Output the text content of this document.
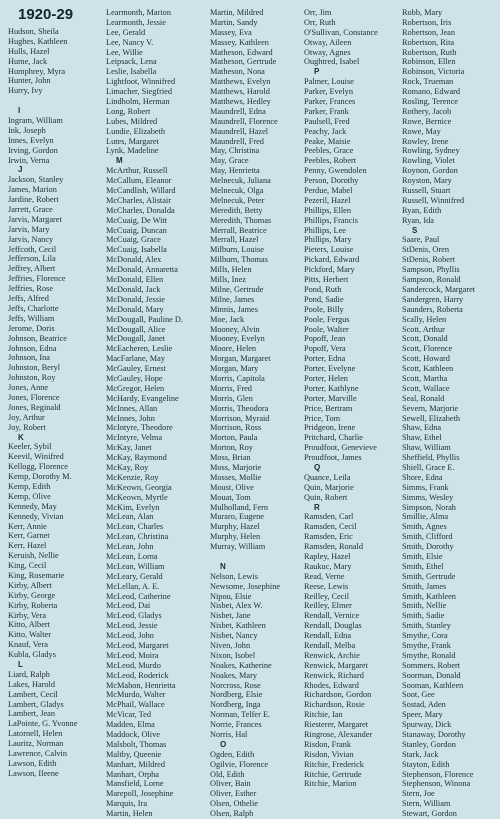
1920-29
Hudson, Sheila
Hughes, Kathleen
Hulls, Hazel
Hume, Jack
Humphrey, Myra
Hunter, John
Hurry, Ivy
I
Ingram, William
Ink, Joseph
Innes, Evelyn
Irving, Gordon
Irwin, Verna
J
Jackson, Stanley
James, Marion
Jardine, Robert
Jarrett, Grace
Jarvis, Margaret
Jarvis, Mary
Jarvis, Nancy
Jeffcoth, Cecil
Jefferson, Lila
Jeffrey, Albert
Jeffries, Florence
Jeffries, Rose
Jeffs, Alfred
Jeffs, Charlotte
Jeffs, William
Jerome, Doris
Johnson, Beatrice
Johnson, Edna
Johnson, Ina
Johnston, Beryl
Johnston, Roy
Jones, Anne
Jones, Florence
Jones, Reginald
Joy, Arthur
Joy, Robert
K
Keeler, Sybil
Keevil, Winifred
Kellogg, Florence
Kemp, Dorothy M.
Kemp, Edith
Kemp, Olive
Kennedy, May
Kennedy, Vivian
Kerr, Annie
Kerr, Garnet
Kerr, Hazel
Keruish, Nellie
King, Cecil
King, Rosemarie
Kirby, Albert
Kirby, George
Kirby, Roberta
Kirby, Vera
Kitto, Albert
Kitto, Walter
Knauf, Vera
Kubla, Gladys
L
Liard, Ralph
Lakes, Harold
Lambert, Cecil
Lambert, Gladys
Lambert, Jean
LaPointe, G. Yvonne
Latornell, Helen
Lauritz, Norman
Lawrence, Calvin
Lawson, Edith
Lawson, Ileene
Learmonth, Marion
Learmonth, Jessie
Lee, Gerald
Lee, Nancy V.
Lee, Willie
Leipsack, Lena
Leslie, Isabella
Lightfoot, Winnifred
Limacher, Siegfried
Lindholm, Herman
Long, Robert
Lubes, Mildred
Lundie, Elizabeth
Lutes, Margaret
Lynk, Madeline
M
McArthur, Russell
McCallum, Eleanor
McCandlish, Willard
McCharles, Alistair
McCharles, Donalda
McCuaig, De Witt
McCuaig, Duncan
McCuaig, Grace
McCuaig, Isabella
McDonald, Alex
McDonald, Annaretta
McDonald, Ellen
McDonald, Jack
McDonald, Jessie
McDonald, Mary
McDougall, Pauline D.
McDougall, Alice
McDougall, Janet
McEacheren, Leslie
MacFarlane, May
McGauley, Ernest
McGauley, Hope
McGregor, Helen
McHardy, Evangeline
McInnes, Allan
McInnes, John
McIntyre, Theodore
McIntyre, Velma
McKay, Janet
McKay, Raymond
McKay, Roy
McKenzie, Roy
McKeown, Georgia
McKeown, Myrtle
McKim, Evelyn
McLean, Alan
McLean, Charles
McLean, Christina
McLean, John
McLean, Lorna
McLean, William
McLeary, Gerald
McLellan, A. E.
McLeod, Catherine
McLeod, Dai
McLeod, Gladys
McLeod, Jessie
McLeod, John
McLeod, Margaret
McLeod, Moira
McLeod, Murdo
McLeod, Roderick
McMahon, Henrietta
McMurdo, Walter
McPhail, Wallace
McVicar, Ted
Madden, Elma
Maddock, Olive
Malsbolt, Thomas
Maltby, Queenie
Manhart, Mildred
Manhart, Orpha
Mansfield, Lorne
Marepoll, Josephine
Marquis, Ira
Martin, Helen
Martin, Mildred
Martin, Sandy
Massey, Eva
Massey, Kathleen
Matheson, Edward
Matheson, Gertrude
Matheson, Nona
Matthews, Evelyn
Matthews, Harold
Matthews, Hedley
Maundrell, Edna
Maundrell, Florence
Maundrell, Hazel
Maundrell, Fred
May, Christina
May, Grace
May, Henrietta
Melnecuk, Juliana
Melnecuk, Olga
Melnecuk, Peter
Meredith, Betty
Meredith, Thomas
Merrall, Beatrice
Merrall, Hazel
Milburn, Louise
Milburn, Thomas
Mills, Helen
Mills, Inez
Milne, Gertrude
Milne, James
Minnis, James
Moe, Jack
Mooney, Alvin
Mooney, Evelyn
Moore, Helen
Morgan, Margaret
Morgan, Mary
Morris, Capitola
Morris, Fred
Morris, Glen
Morris, Theodora
Morrison, Myraid
Morrison, Ross
Morton, Paula
Morton, Roy
Moss, Brian
Moss, Marjorie
Mosses, Mollie
Moust, Olive
Mouat, Tom
Mulholland, Fern
Muraro, Eugene
Murphy, Hazel
Murphy, Helen
Murray, William
N
Nelson, Lewis
Newsome, Josephine
Nipou, Elsie
Nisbet, Alex W.
Nisbet, Jane
Nisbet, Kathleen
Nisbet, Nancy
Niven, John
Nixon, Isobel
Noakes, Katherine
Noakes, Mary
Norcross, Rose
Nordberg, Elsie
Nordberg, Inga
Norman, Telfer E.
Norrie, Frances
Norris, Hal
O
Ogden, Edith
Ogilvie, Florence
Old, Edith
Oliver, Bain
Oliver, Esther
Olsen, Othelie
Olsen, Ralph
Orr, Jim
Orr, Ruth
O'Sullivan, Constance
Otway, Aileen
Otway, Agnes
Oughtred, Isabel
P
Palmer, Louise
Parker, Evelyn
Parker, Frances
Parker, Frank
Paulsell, Fred
Peachy, Jack
Peake, Maisie
Peebles, Grace
Peebles, Robert
Penny, Gwendolen
Person, Dorothy
Perdue, Mabel
Pezeril, Hazel
Phillips, Ellen
Phillips, Francis
Phillips, Lee
Phillips, Mary
Pieters, Louise
Pickard, Edward
Pickford, Mary
Pitts, Herbert
Pond, Ruth
Pond, Sadie
Poole, Billy
Poole, Fergus
Poole, Walter
Popoff, Jean
Popoff, Vera
Porter, Edna
Porter, Evelyne
Porter, Helen
Porter, Kathlyne
Porter, Marville
Price, Bertram
Price, Tom
Pridgeon, Irene
Pritchard, Charlie
Proudfoot, Genevieve
Proudfoot, James
Q
Quance, Leila
Quin, Marjorie
Quin, Robert
R
Ramsden, Carl
Ramsden, Cecil
Ramsden, Eric
Ramsden, Ronald
Rapley, Hazel
Raukuc, Mary
Read, Verne
Reese, Lewis
Reilley, Cecil
Reilley, Elmer
Rendall, Vernice
Rendall, Douglas
Rendall, Edna
Rendall, Melba
Renwick, Archie
Renwick, Margaret
Renwick, Richard
Rhodes, Edward
Richardson, Gordon
Richardson, Rosie
Ritchie, Ian
Riesterer, Margaret
Ringrose, Alexander
Risdon, Frank
Risdon, Vivian
Ritchie, Frederick
Ritchie, Gertrude
Ritchie, Marion
Robb, Mary
Robertson, Iris
Robertson, Jean
Robertson, Rita
Robertson, Ruth
Robinson, Ellen
Robinson, Victoria
Rock, Trueman
Romano, Edward
Rosling, Terence
Rothery, Jacob
Rowe, Bernice
Rowe, May
Rowley, Irene
Rowling, Sydney
Rowling, Violet
Roynon, Gordon
Royston, Mary
Russell, Stuart
Russell, Winnifred
Ryan, Edith
Ryan, Ida
S
Saare, Paul
StDenis, Oren
StDenis, Robert
Sampson, Phyllis
Sampson, Ronald
Sandercock, Margaret
Sandergren, Harry
Saunders, Roberta
Scally, Helen
Scott, Arthur
Scott, Donald
Scott, Florence
Scott, Howard
Scott, Kathleen
Scott, Martha
Scott, Wallace
Seal, Ronald
Severn, Marjorie
Sewell, Elizabeth
Shaw, Edna
Shaw, Ethel
Shaw, William
Sheffield, Phyllis
Shiell, Grace E.
Shore, Edna
Simms, Frank
Simms, Wesley
Simpson, Norah
Smillie, Alma
Smith, Agnes
Smith, Clifford
Smith, Dorothy
Smith, Elsie
Smith, Ethel
Smith, Gertrude
Smith, James
Smith, Kathleen
Smith, Nellie
Smith, Sadie
Smith, Stanley
Smythe, Cora
Smythe, Frank
Smythe, Ronald
Sommers, Robert
Soorman, Donald
Sooman, Kathleen
Soot, Gee
Sostad, Aden
Speer, Mary
Spurway, Dick
Stanaway, Dorothy
Stanley, Gordon
Stark, Jack
Stayton, Edith
Stephenson, Florence
Stephenson, Winona
Stern, Joe
Stern, William
Stewart, Gordon
